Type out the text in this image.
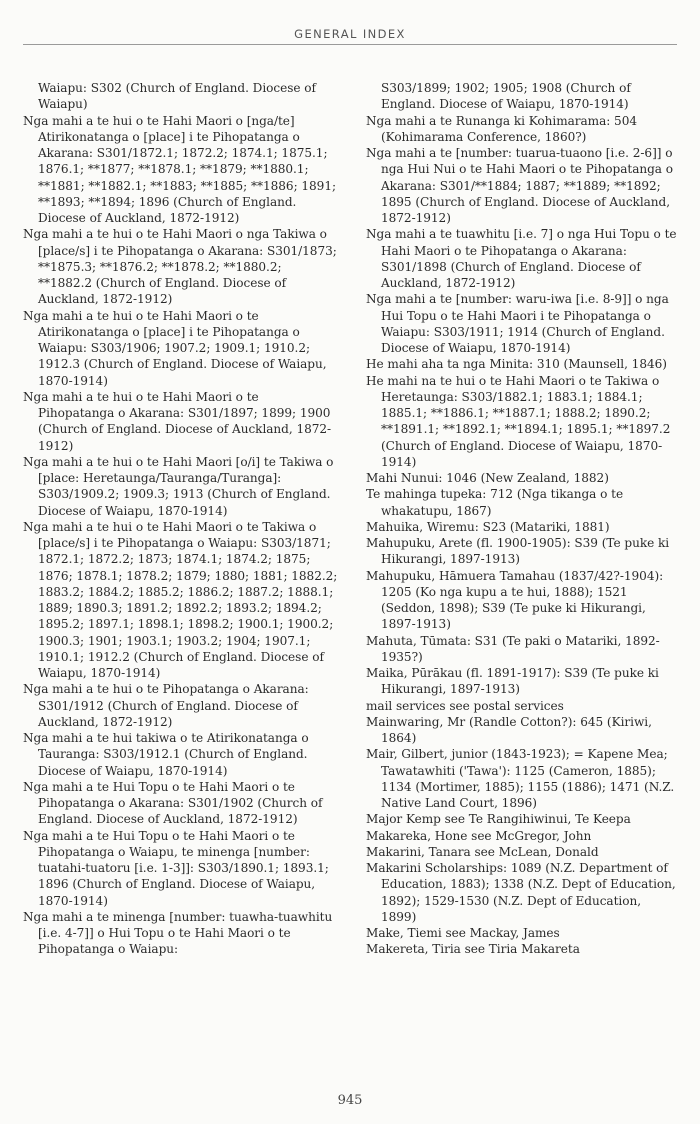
GENERAL INDEX

Waiapu: S302 (Church of England. Diocese of Waiapu)

Nga mahi a te hui o te Hahi Maori o [nga/te] Atirikonatanga o [place] i te Pihopatanga o Akarana: S301/1872.1; 1872.2; 1874.1; 1875.1; 1876.1; **1877; **1878.1; **1879; **1880.1; **1881; **1882.1; **1883; **1885; **1886; 1891; **1893; **1894; 1896 (Church of England. Diocese of Auckland, 1872-1912)

Nga mahi a te hui o te Hahi Maori o nga Takiwa o [place/s] i te Pihopatanga o Akarana: S301/1873; **1875.3; **1876.2; **1878.2; **1880.2; **1882.2 (Church of England. Diocese of Auckland, 1872-1912)

Nga mahi a te hui o te Hahi Maori o te Atirikonatanga o [place] i te Pihopatanga o Waiapu: S303/1906; 1907.2; 1909.1; 1910.2; 1912.3 (Church of England. Diocese of Waiapu, 1870-1914)

Nga mahi a te hui o te Hahi Maori o te Pihopatanga o Akarana: S301/1897; 1899; 1900 (Church of England. Diocese of Auckland, 1872-1912)

Nga mahi a te hui o te Hahi Maori [o/i] te Takiwa o [place: Heretaunga/Tauranga/Turanga]: S303/1909.2; 1909.3; 1913 (Church of England. Diocese of Waiapu, 1870-1914)

Nga mahi a te hui o te Hahi Maori o te Takiwa o [place/s] i te Pihopatanga o Waiapu: S303/1871; 1872.1; 1872.2; 1873; 1874.1; 1874.2; 1875; 1876; 1878.1; 1878.2; 1879; 1880; 1881; 1882.2; 1883.2; 1884.2; 1885.2; 1886.2; 1887.2; 1888.1; 1889; 1890.3; 1891.2; 1892.2; 1893.2; 1894.2; 1895.2; 1897.1; 1898.1; 1898.2; 1900.1; 1900.2; 1900.3; 1901; 1903.1; 1903.2; 1904; 1907.1; 1910.1; 1912.2 (Church of England. Diocese of Waiapu, 1870-1914)

Nga mahi a te hui o te Pihopatanga o Akarana: S301/1912 (Church of England. Diocese of Auckland, 1872-1912)

Nga mahi a te hui takiwa o te Atirikonatanga o Tauranga: S303/1912.1 (Church of England. Diocese of Waiapu, 1870-1914)

Nga mahi a te Hui Topu o te Hahi Maori o te Pihopatanga o Akarana: S301/1902 (Church of England. Diocese of Auckland, 1872-1912)

Nga mahi a te Hui Topu o te Hahi Maori o te Pihopatanga o Waiapu, te minenga [number: tuatahi-tuatoru [i.e. 1-3]]: S303/1890.1; 1893.1; 1896 (Church of England. Diocese of Waiapu, 1870-1914)

Nga mahi a te minenga [number: tuawha-tuawhitu [i.e. 4-7]] o Hui Topu o te Hahi Maori o te Pihopatanga o Waiapu:

S303/1899; 1902; 1905; 1908 (Church of England. Diocese of Waiapu, 1870-1914)

Nga mahi a te Runanga ki Kohimarama: 504 (Kohimarama Conference, 1860?)

Nga mahi a te [number: tuarua-tuaono [i.e. 2-6]] o nga Hui Nui o te Hahi Maori o te Pihopatanga o Akarana: S301/**1884; 1887; **1889; **1892; 1895 (Church of England. Diocese of Auckland, 1872-1912)

Nga mahi a te tuawhitu [i.e. 7] o nga Hui Topu o te Hahi Maori o te Pihopatanga o Akarana: S301/1898 (Church of England. Diocese of Auckland, 1872-1912)

Nga mahi a te [number: waru-iwa [i.e. 8-9]] o nga Hui Topu o te Hahi Maori i te Pihopatanga o Waiapu: S303/1911; 1914 (Church of England. Diocese of Waiapu, 1870-1914)

He mahi aha ta nga Minita: 310 (Maunsell, 1846)

He mahi na te hui o te Hahi Maori o te Takiwa o Heretaunga: S303/1882.1; 1883.1; 1884.1; 1885.1; **1886.1; **1887.1; 1888.2; 1890.2; **1891.1; **1892.1; **1894.1; 1895.1; **1897.2 (Church of England. Diocese of Waiapu, 1870-1914)

Mahi Nunui: 1046 (New Zealand, 1882)

Te mahinga tupeka: 712 (Nga tikanga o te whakatupu, 1867)

Mahuika, Wiremu: S23 (Matariki, 1881)

Mahupuku, Arete (fl. 1900-1905): S39 (Te puke ki Hikurangi, 1897-1913)

Mahupuku, Hāmuera Tamahau (1837/42?-1904): 1205 (Ko nga kupu a te hui, 1888); 1521 (Seddon, 1898); S39 (Te puke ki Hikurangi, 1897-1913)

Mahuta, Tūmata: S31 (Te paki o Matariki, 1892-1935?)

Maika, Pūrākau (fl. 1891-1917): S39 (Te puke ki Hikurangi, 1897-1913)

mail services see postal services

Mainwaring, Mr (Randle Cotton?): 645 (Kiriwi, 1864)

Mair, Gilbert, junior (1843-1923); = Kapene Mea; Tawatawhiti ('Tawa'): 1125 (Cameron, 1885); 1134 (Mortimer, 1885); 1155 (1886); 1471 (N.Z. Native Land Court, 1896)

Major Kemp see Te Rangihiwinui, Te Keepa

Makareka, Hone see McGregor, John

Makarini, Tanara see McLean, Donald

Makarini Scholarships: 1089 (N.Z. Department of Education, 1883); 1338 (N.Z. Dept of Education, 1892); 1529-1530 (N.Z. Dept of Education, 1899)

Make, Tiemi see Mackay, James

Makereta, Tiria see Tiria Makareta

945
